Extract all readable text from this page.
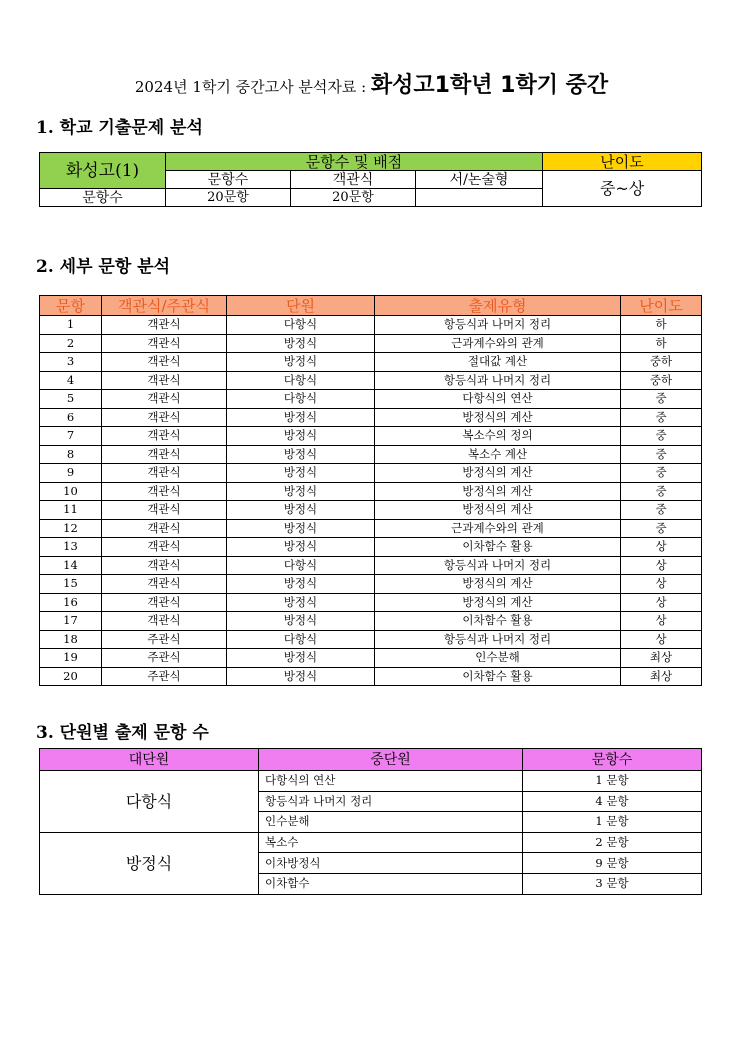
2024년 1학기 중간고사 분석자료 : 화성고1학년 1학기 중간
1. 학교 기출문제 분석
화성고(1)	문항수 및 배점			난이도
	문항수	객관식	서/논술형	중~상
문항수	20문항	20문항		
2. 세부 문항 분석
문항	객관식/주관식	단원	출제유형	난이도
1	객관식	다항식	항등식과 나머지 정리	하
2	객관식	방정식	근과계수와의 관계	하
3	객관식	방정식	절대값 계산	중하
4	객관식	다항식	항등식과 나머지 정리	중하
5	객관식	다항식	다항식의 연산	중
6	객관식	방정식	방정식의 계산	중
7	객관식	방정식	복소수의 정의	중
8	객관식	방정식	복소수 계산	중
9	객관식	방정식	방정식의 계산	중
10	객관식	방정식	방정식의 계산	중
11	객관식	방정식	방정식의 계산	중
12	객관식	방정식	근과계수와의 관계	중
13	객관식	방정식	이차함수 활용	상
14	객관식	다항식	항등식과 나머지 정리	상
15	객관식	방정식	방정식의 계산	상
16	객관식	방정식	방정식의 계산	상
17	객관식	방정식	이차함수 활용	상
18	주관식	다항식	항등식과 나머지 정리	상
19	주관식	방정식	인수분해	최상
20	주관식	방정식	이차함수 활용	최상
3. 단원별 출제 문항 수
대단원	중단원	문항수
다항식	다항식의 연산	1 문항
	항등식과 나머지 정리	4 문항
	인수분해	1 문항
방정식	복소수	2 문항
	이차방정식	9 문항
	이차함수	3 문항
